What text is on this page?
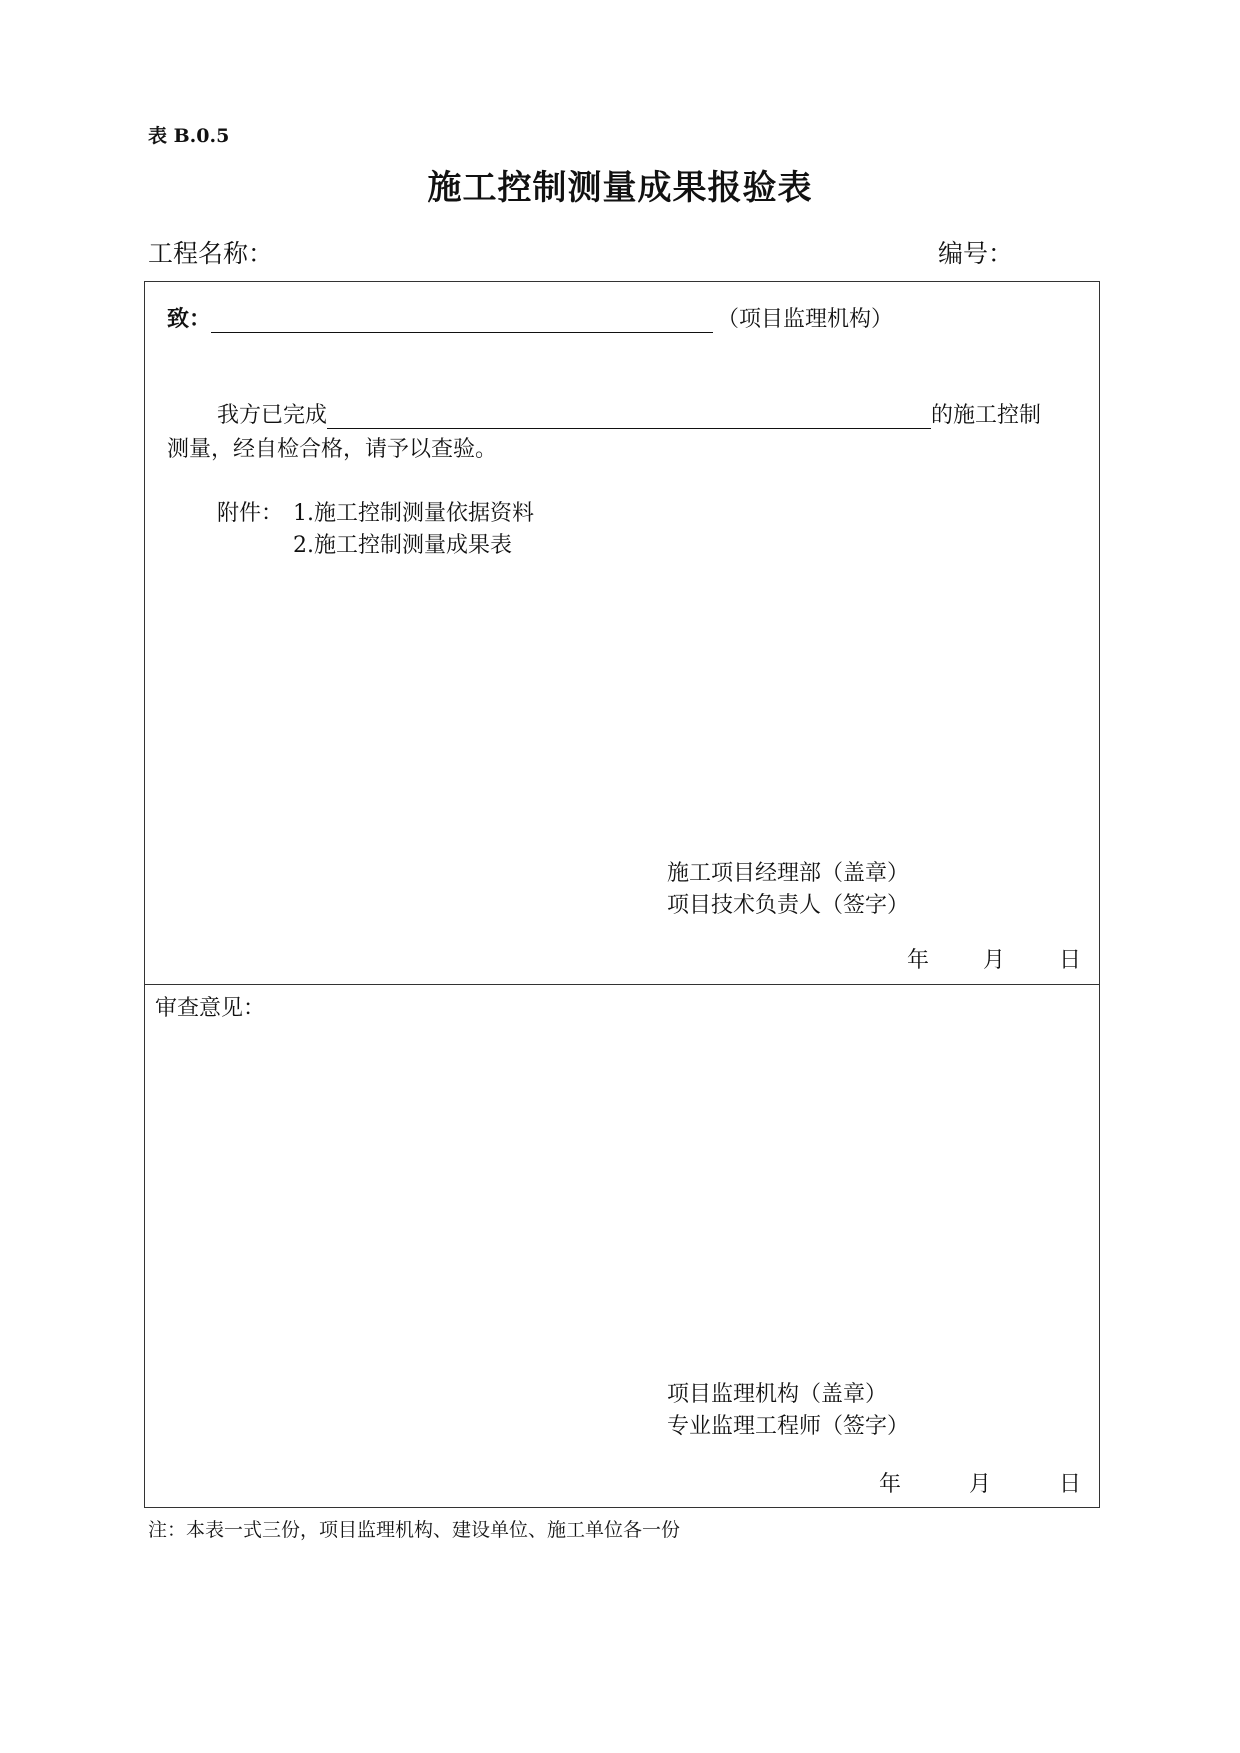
表 B.0.5
施工控制测量成果报验表
工程名称：	编号：
致：	（项目监理机构）
我方已完成	的施工控制
测量，经自检合格，请予以查验。
附件： 1.施工控制测量依据资料
2.施工控制测量成果表
施工项目经理部（盖章）
项目技术负责人（签字）
年 月 日
审查意见：
项目监理机构（盖章）
专业监理工程师（签字）
年	月	日
注：本表一式三份，项目监理机构、建设单位、施工单位各一份
